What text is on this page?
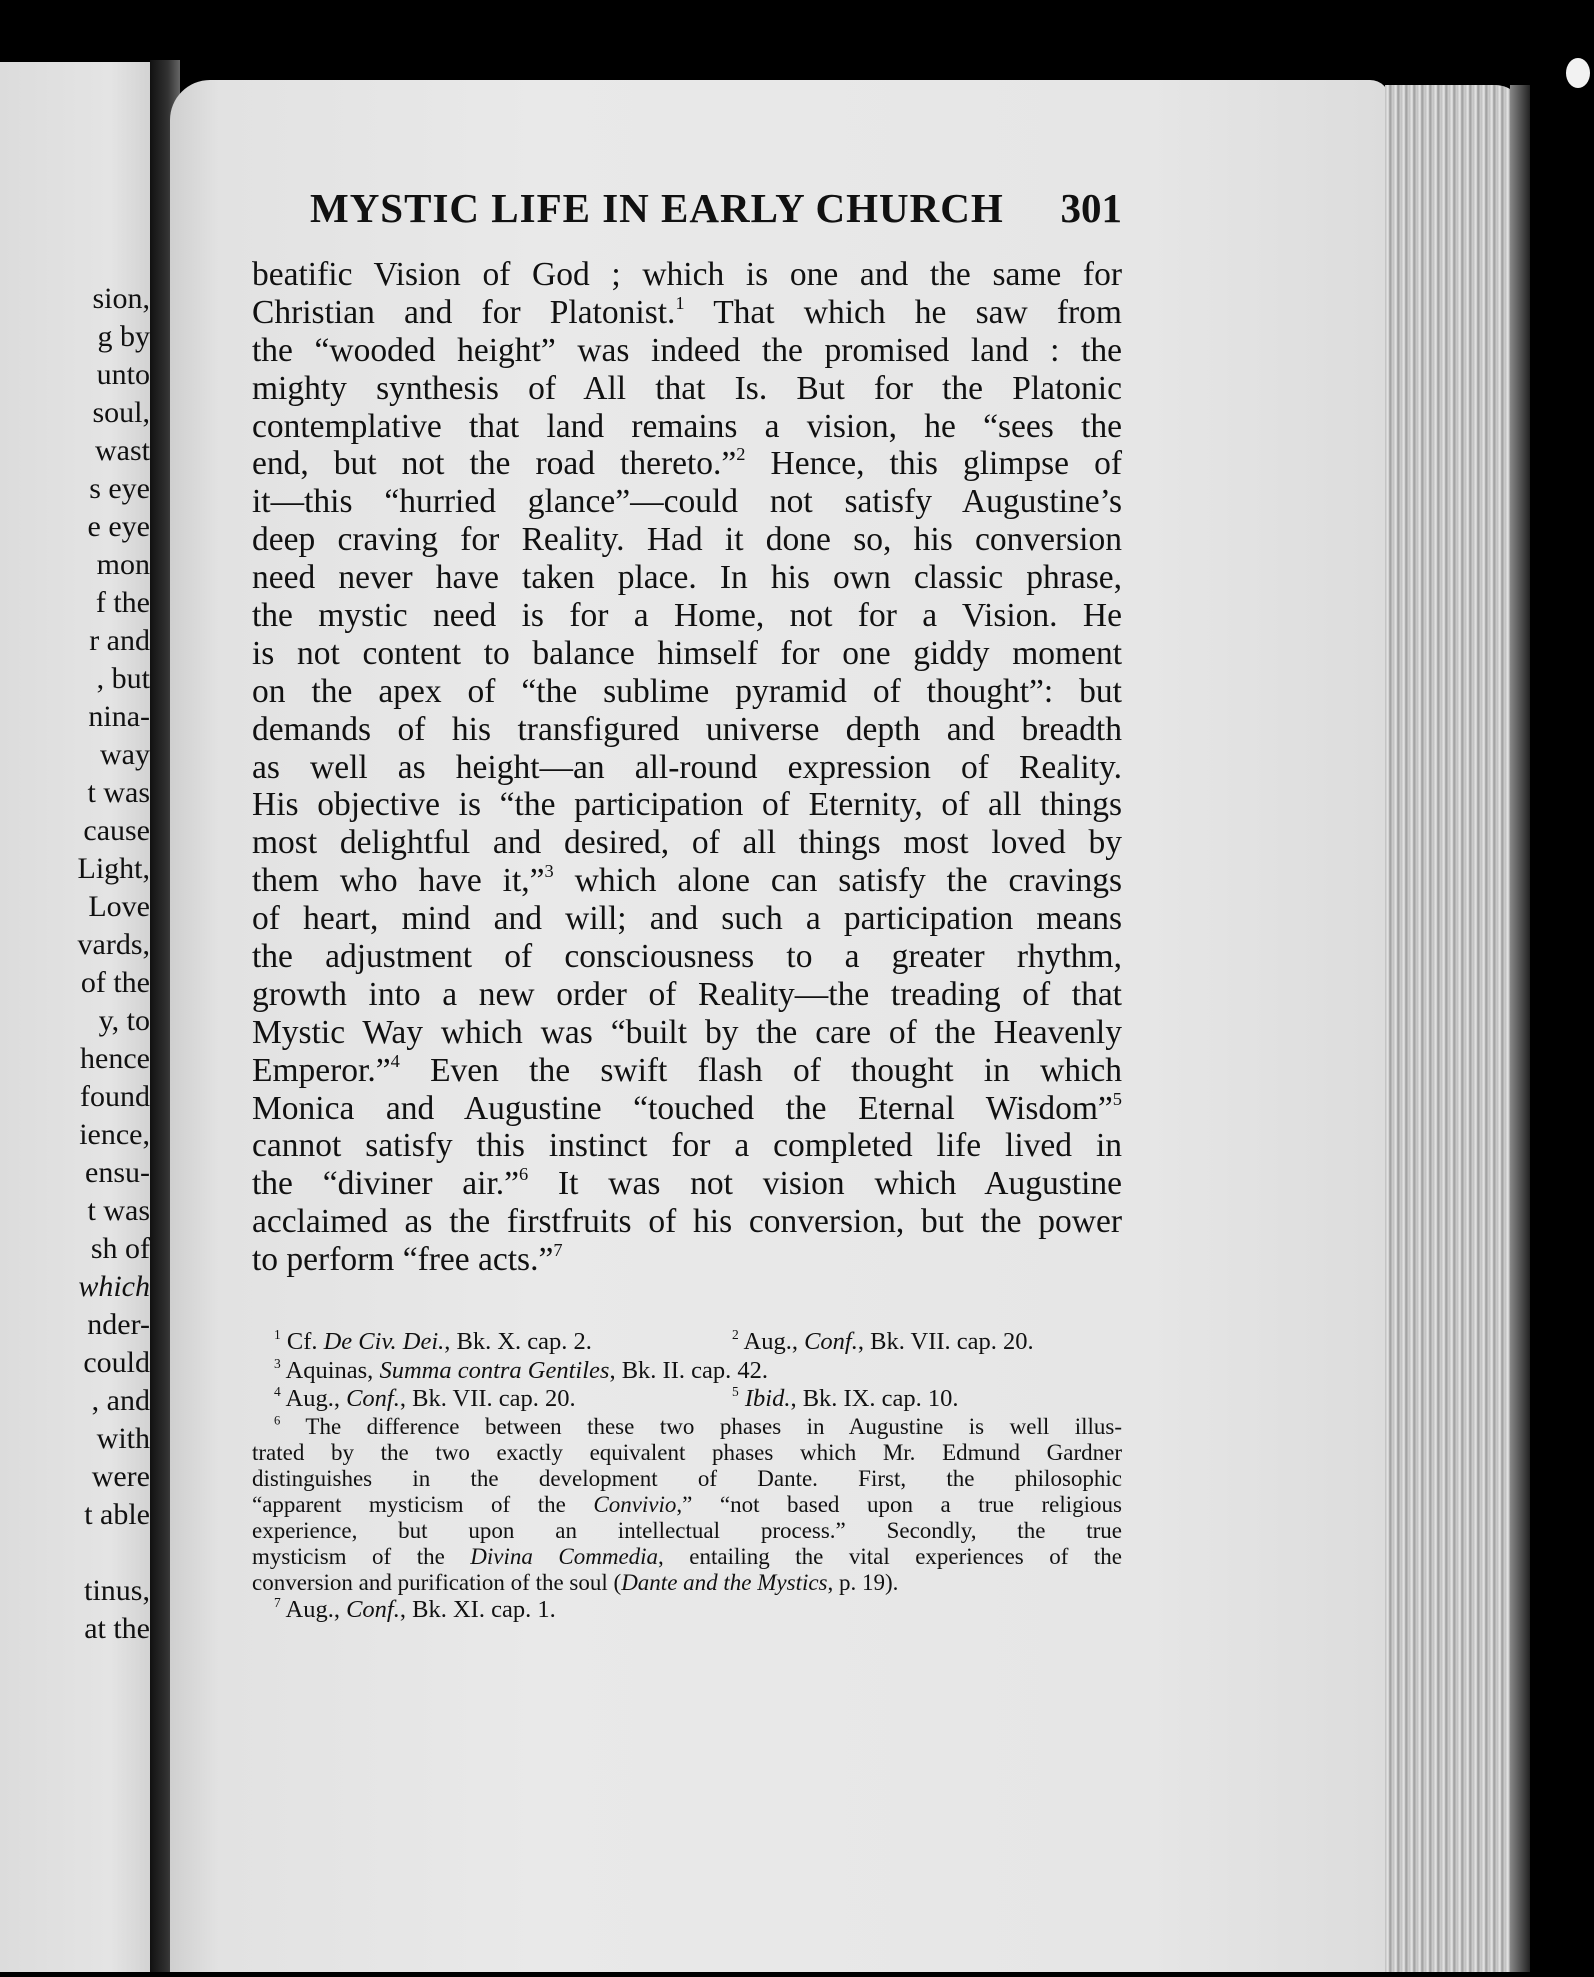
sion,
g by
unto
soul,
wast
s eye
e eye
mon
f the
r and
, but
nina-
way
t was
cause
Light,
Love
vards,
of the
y, to
hence
found
ience,
ensu-
t was
sh of
which
nder-
could
, and
with
were
t able

tinus,
at the
MYSTIC LIFE IN EARLY CHURCH 301
beatific Vision of God ; which is one and the same for
Christian and for Platonist.$^1$ That which he saw from
the “wooded height” was indeed the promised land : the
mighty synthesis of All that Is. But for the Platonic
contemplative that land remains a vision, he “sees the
end, but not the road thereto.”$^2$ Hence, this glimpse of
it—this “hurried glance”—could not satisfy Augustine’s
deep craving for Reality. Had it done so, his conversion
need never have taken place. In his own classic phrase,
the mystic need is for a Home, not for a Vision. He
is not content to balance himself for one giddy moment
on the apex of “the sublime pyramid of thought”: but
demands of his transfigured universe depth and breadth
as well as height—an all-round expression of Reality.
His objective is “the participation of Eternity, of all things
most delightful and desired, of all things most loved by
them who have it,”$^3$ which alone can satisfy the cravings
of heart, mind and will; and such a participation means
the adjustment of consciousness to a greater rhythm,
growth into a new order of Reality—the treading of that
Mystic Way which was “built by the care of the Heavenly
Emperor.”$^4$ Even the swift flash of thought in which
Monica and Augustine “touched the Eternal Wisdom”$^5$
cannot satisfy this instinct for a completed life lived in
the “diviner air.”$^6$ It was not vision which Augustine
acclaimed as the firstfruits of his conversion, but the power
to perform “free acts.”$^7$
$^1$ Cf. De Civ. Dei., Bk. X. cap. 2.	$^2$ Aug., Conf., Bk. VII. cap. 20.
$^3$ Aquinas, Summa contra Gentiles, Bk. II. cap. 42.
$^4$ Aug., Conf., Bk. VII. cap. 20.	$^5$ Ibid., Bk. IX. cap. 10.
$^6$ The difference between these two phases in Augustine is well illus-
trated by the two exactly equivalent phases which Mr. Edmund Gardner
distinguishes in the development of Dante. First, the philosophic
“apparent mysticism of the Convivio,” “not based upon a true religious
experience, but upon an intellectual process.” Secondly, the true
mysticism of the Divina Commedia, entailing the vital experiences of the
conversion and purification of the soul (Dante and the Mystics, p. 19).
$^7$ Aug., Conf., Bk. XI. cap. 1.
